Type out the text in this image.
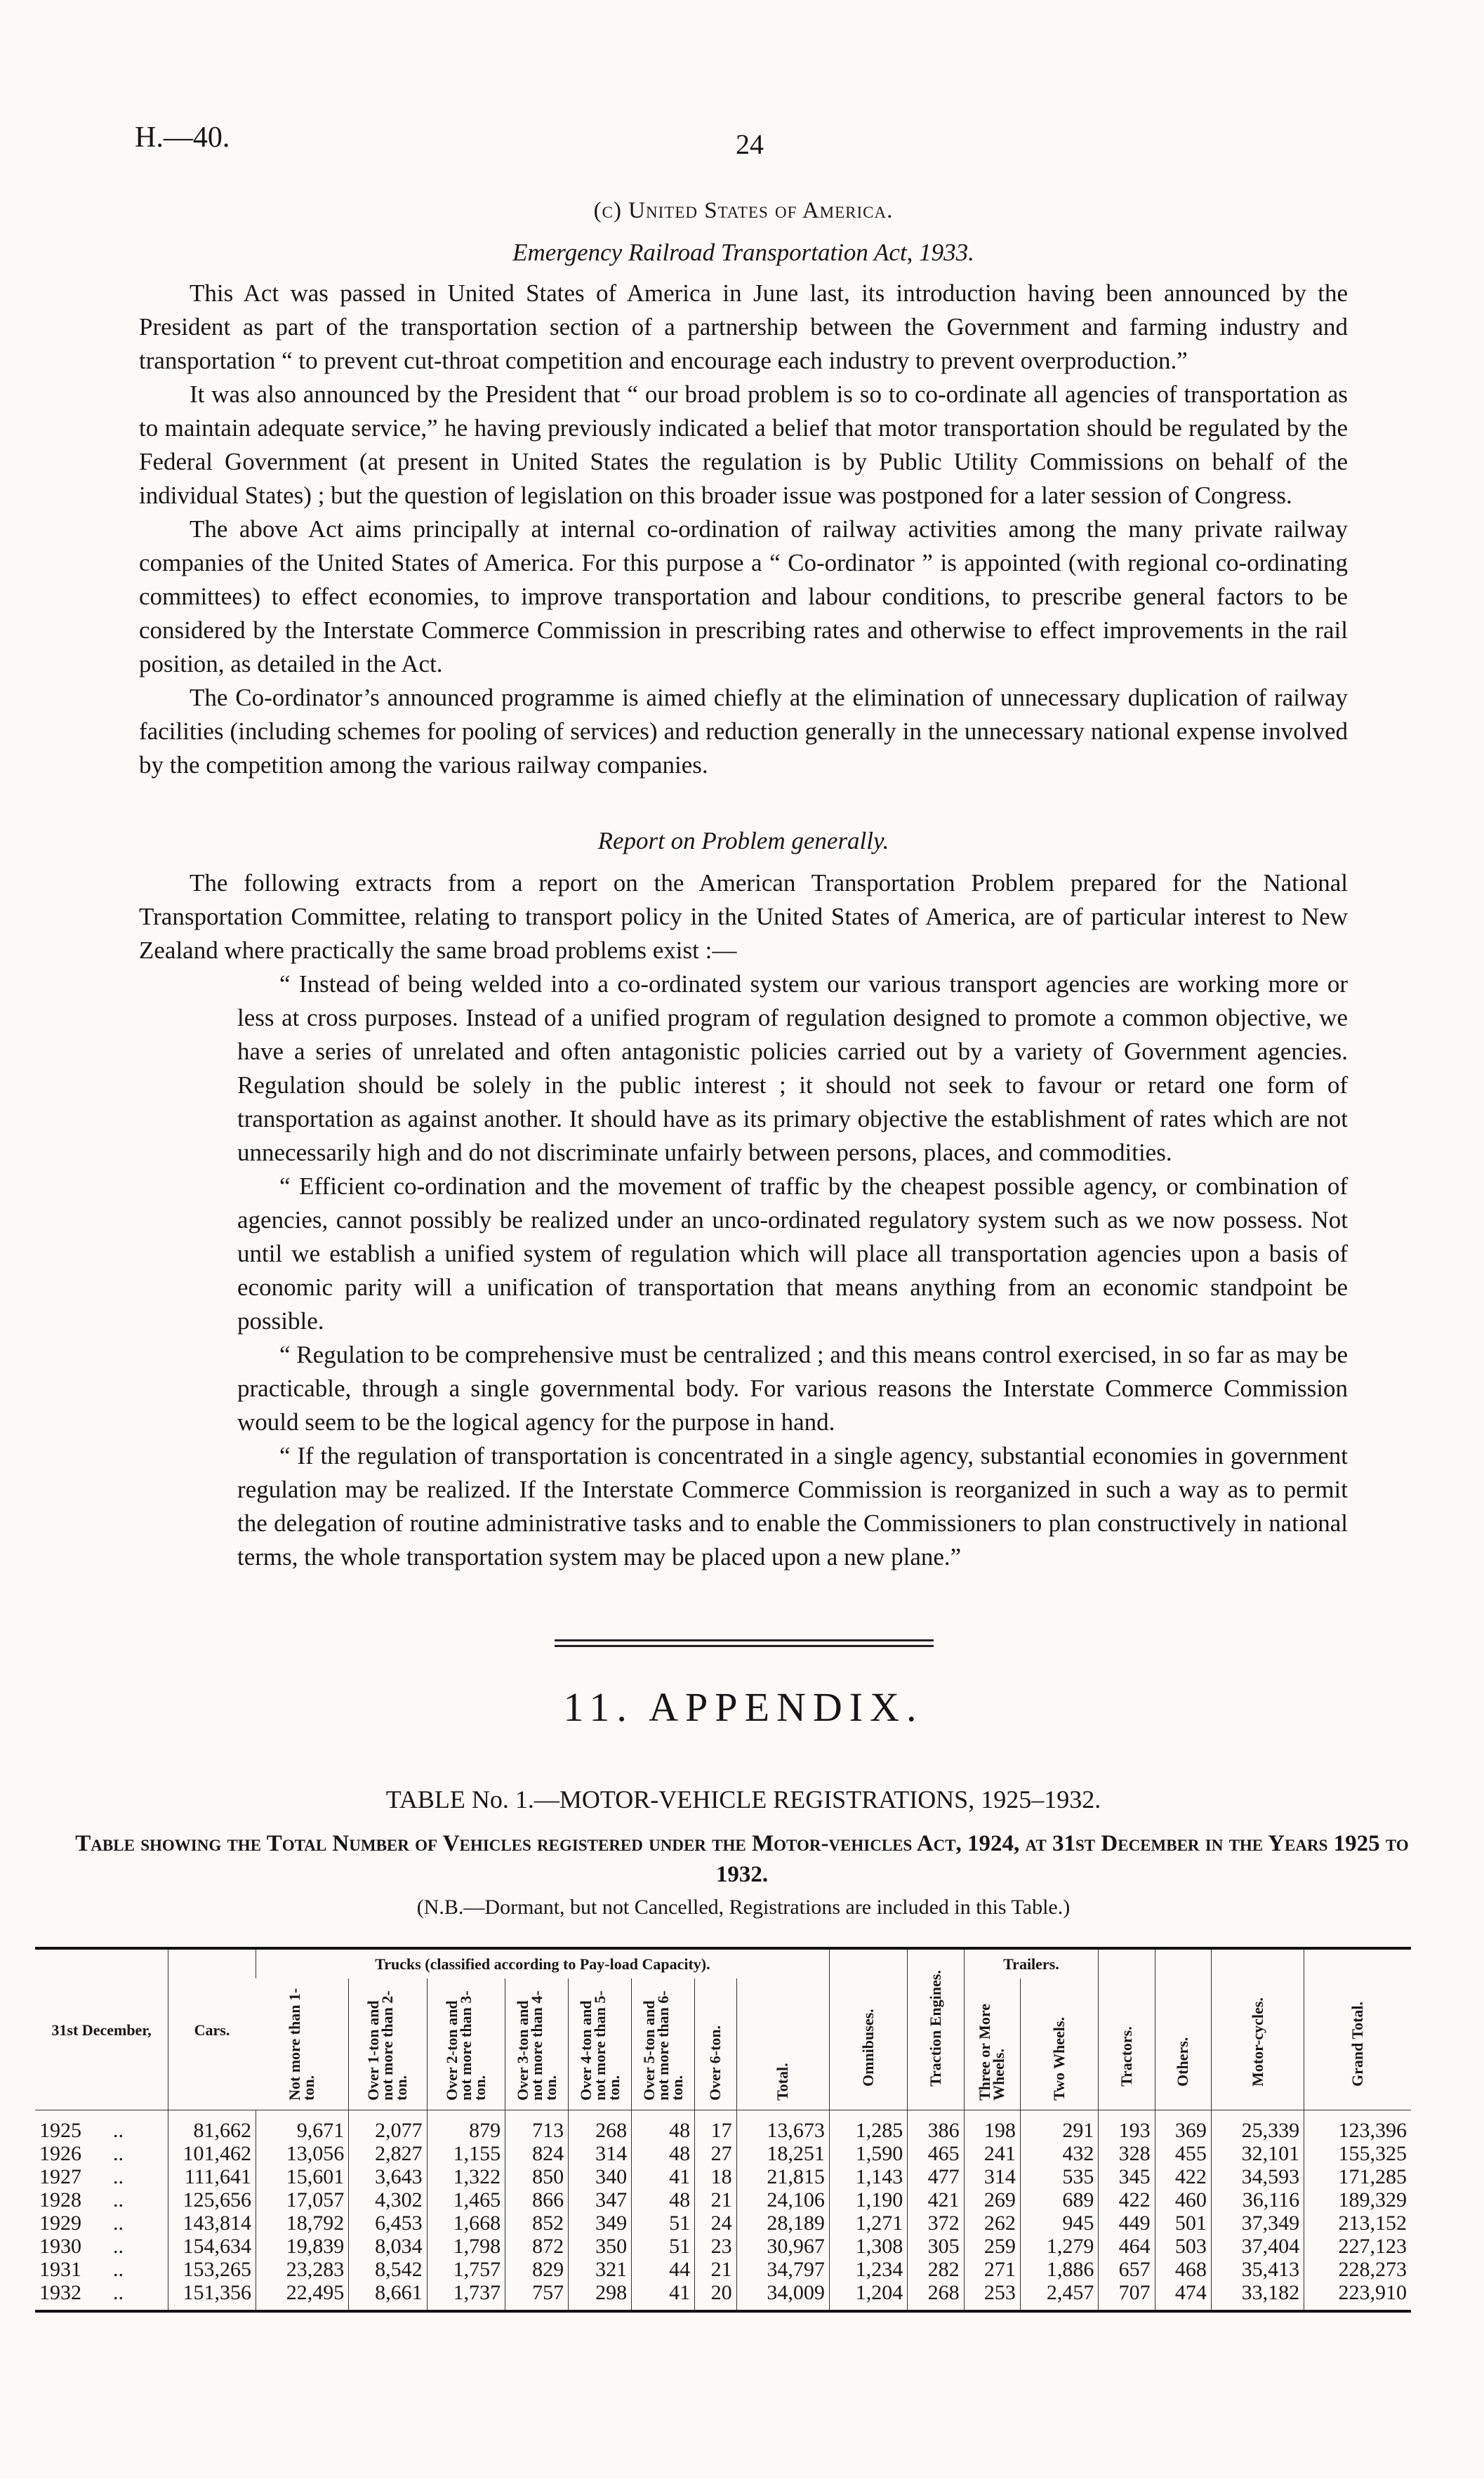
H.—40.	24
(c) United States of America.
Emergency Railroad Transportation Act, 1933.

This Act was passed in United States of America in June last, its introduction having been announced by the President as part of the transportation section of a partnership between the Government and farming industry and transportation “ to prevent cut-throat competition and encourage each industry to prevent overproduction.”

It was also announced by the President that “ our broad problem is so to co-ordinate all agencies of transportation as to maintain adequate service,” he having previously indicated a belief that motor transportation should be regulated by the Federal Government (at present in United States the regulation is by Public Utility Commissions on behalf of the individual States) ; but the question of legislation on this broader issue was postponed for a later session of Congress.

The above Act aims principally at internal co-ordination of railway activities among the many private railway companies of the United States of America. For this purpose a “ Co-ordinator ” is appointed (with regional co-ordinating committees) to effect economies, to improve transportation and labour conditions, to prescribe general factors to be considered by the Interstate Commerce Commission in prescribing rates and otherwise to effect improvements in the rail position, as detailed in the Act.

The Co-ordinator’s announced programme is aimed chiefly at the elimination of unnecessary duplication of railway facilities (including schemes for pooling of services) and reduction generally in the unnecessary national expense involved by the competition among the various railway companies.

Report on Problem generally.

The following extracts from a report on the American Transportation Problem prepared for the National Transportation Committee, relating to transport policy in the United States of America, are of particular interest to New Zealand where practically the same broad problems exist :—

“ Instead of being welded into a co-ordinated system our various transport agencies are working more or less at cross purposes. Instead of a unified program of regulation designed to promote a common objective, we have a series of unrelated and often antagonistic policies carried out by a variety of Government agencies. Regulation should be solely in the public interest ; it should not seek to favour or retard one form of transportation as against another. It should have as its primary objective the establishment of rates which are not unnecessarily high and do not discriminate unfairly between persons, places, and commodities.

“ Efficient co-ordination and the movement of traffic by the cheapest possible agency, or combination of agencies, cannot possibly be realized under an unco-ordinated regulatory system such as we now possess. Not until we establish a unified system of regulation which will place all transportation agencies upon a basis of economic parity will a unification of transportation that means anything from an economic standpoint be possible.

“ Regulation to be comprehensive must be centralized ; and this means control exercised, in so far as may be practicable, through a single governmental body. For various reasons the Interstate Commerce Commission would seem to be the logical agency for the purpose in hand.

“ If the regulation of transportation is concentrated in a single agency, substantial economies in government regulation may be realized. If the Interstate Commerce Commission is reorganized in such a way as to permit the delegation of routine administrative tasks and to enable the Commissioners to plan constructively in national terms, the whole transportation system may be placed upon a new plane.”

11. APPENDIX.
TABLE No. 1.—MOTOR-VEHICLE REGISTRATIONS, 1925–1932.
Table showing the Total Number of Vehicles registered under the Motor-vehicles Act, 1924, at 31st December in the Years 1925 to 1932.
(N.B.—Dormant, but not Cancelled, Registrations are included in this Table.)
31st December,	Cars.	Trucks (classified according to Pay-load Capacity).								Omnibuses.	Traction Engines.	Trailers.		Tractors.	Others.	Motor-cycles.	Grand Total.
		Not more than 1-ton.	Over 1-ton and not more than 2-ton.	Over 2-ton and not more than 3-ton.	Over 3-ton and not more than 4-ton.	Over 4-ton and not more than 5-ton.	Over 5-ton and not more than 6-ton.	Over 6-ton.	Total.			Three or More Wheels.	Two Wheels.				
1925 ..	81,662	9,671	2,077	879	713	268	48	17	13,673	1,285	386	198	291	193	369	25,339	123,396
1926 ..	101,462	13,056	2,827	1,155	824	314	48	27	18,251	1,590	465	241	432	328	455	32,101	155,325
1927 ..	111,641	15,601	3,643	1,322	850	340	41	18	21,815	1,143	477	314	535	345	422	34,593	171,285
1928 ..	125,656	17,057	4,302	1,465	866	347	48	21	24,106	1,190	421	269	689	422	460	36,116	189,329
1929 ..	143,814	18,792	6,453	1,668	852	349	51	24	28,189	1,271	372	262	945	449	501	37,349	213,152
1930 ..	154,634	19,839	8,034	1,798	872	350	51	23	30,967	1,308	305	259	1,279	464	503	37,404	227,123
1931 ..	153,265	23,283	8,542	1,757	829	321	44	21	34,797	1,234	282	271	1,886	657	468	35,413	228,273
1932 ..	151,356	22,495	8,661	1,737	757	298	41	20	34,009	1,204	268	253	2,457	707	474	33,182	223,910
